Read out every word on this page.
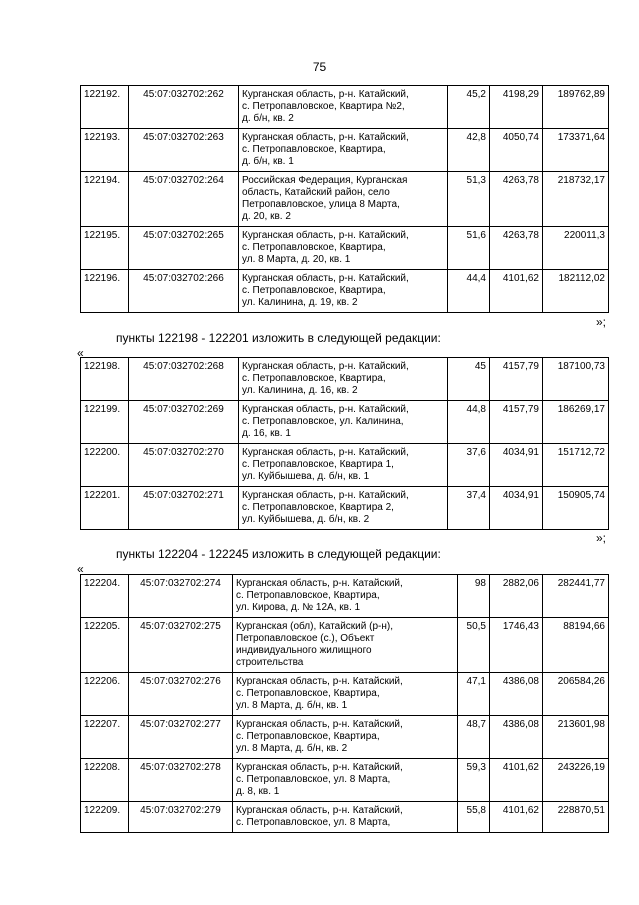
75
122192.	45:07:032702:262	Курганская область, р-н. Катайский,
с. Петропавловское, Квартира №2,
д. б/н, кв. 2	45,2	4198,29	189762,89
122193.	45:07:032702:263	Курганская область, р-н. Катайский,
с. Петропавловское, Квартира,
д. б/н, кв. 1	42,8	4050,74	173371,64
122194.	45:07:032702:264	Российская Федерация, Курганская
область, Катайский район, село
Петропавловское, улица 8 Марта,
д. 20, кв. 2	51,3	4263,78	218732,17
122195.	45:07:032702:265	Курганская область, р-н. Катайский,
с. Петропавловское, Квартира,
ул. 8 Марта, д. 20, кв. 1	51,6	4263,78	220011,3
122196.	45:07:032702:266	Курганская область, р-н. Катайский,
с. Петропавловское, Квартира,
ул. Калинина, д. 19, кв. 2	44,4	4101,62	182112,02
»;
пункты 122198 - 122201 изложить в следующей редакции:
«
122198.	45:07:032702:268	Курганская область, р-н. Катайский,
с. Петропавловское, Квартира,
ул. Калинина, д. 16, кв. 2	45	4157,79	187100,73
122199.	45:07:032702:269	Курганская область, р-н. Катайский,
с. Петропавловское, ул. Калинина,
д. 16, кв. 1	44,8	4157,79	186269,17
122200.	45:07:032702:270	Курганская область, р-н. Катайский,
с. Петропавловское, Квартира 1,
ул. Куйбышева, д. б/н, кв. 1	37,6	4034,91	151712,72
122201.	45:07:032702:271	Курганская область, р-н. Катайский,
с. Петропавловское, Квартира 2,
ул. Куйбышева, д. б/н, кв. 2	37,4	4034,91	150905,74
»;
пункты 122204 - 122245 изложить в следующей редакции:
«
122204.	45:07:032702:274	Курганская область, р-н. Катайский,
с. Петропавловское, Квартира,
ул. Кирова, д. № 12А, кв. 1	98	2882,06	282441,77
122205.	45:07:032702:275	Курганская (обл), Катайский (р-н),
Петропавловское (с.), Объект
индивидуального жилищного
строительства	50,5	1746,43	88194,66
122206.	45:07:032702:276	Курганская область, р-н. Катайский,
с. Петропавловское, Квартира,
ул. 8 Марта, д. б/н, кв. 1	47,1	4386,08	206584,26
122207.	45:07:032702:277	Курганская область, р-н. Катайский,
с. Петропавловское, Квартира,
ул. 8 Марта, д. б/н, кв. 2	48,7	4386,08	213601,98
122208.	45:07:032702:278	Курганская область, р-н. Катайский,
с. Петропавловское, ул. 8 Марта,
д. 8, кв. 1	59,3	4101,62	243226,19
122209.	45:07:032702:279	Курганская область, р-н. Катайский,
с. Петропавловское, ул. 8 Марта,	55,8	4101,62	228870,51
